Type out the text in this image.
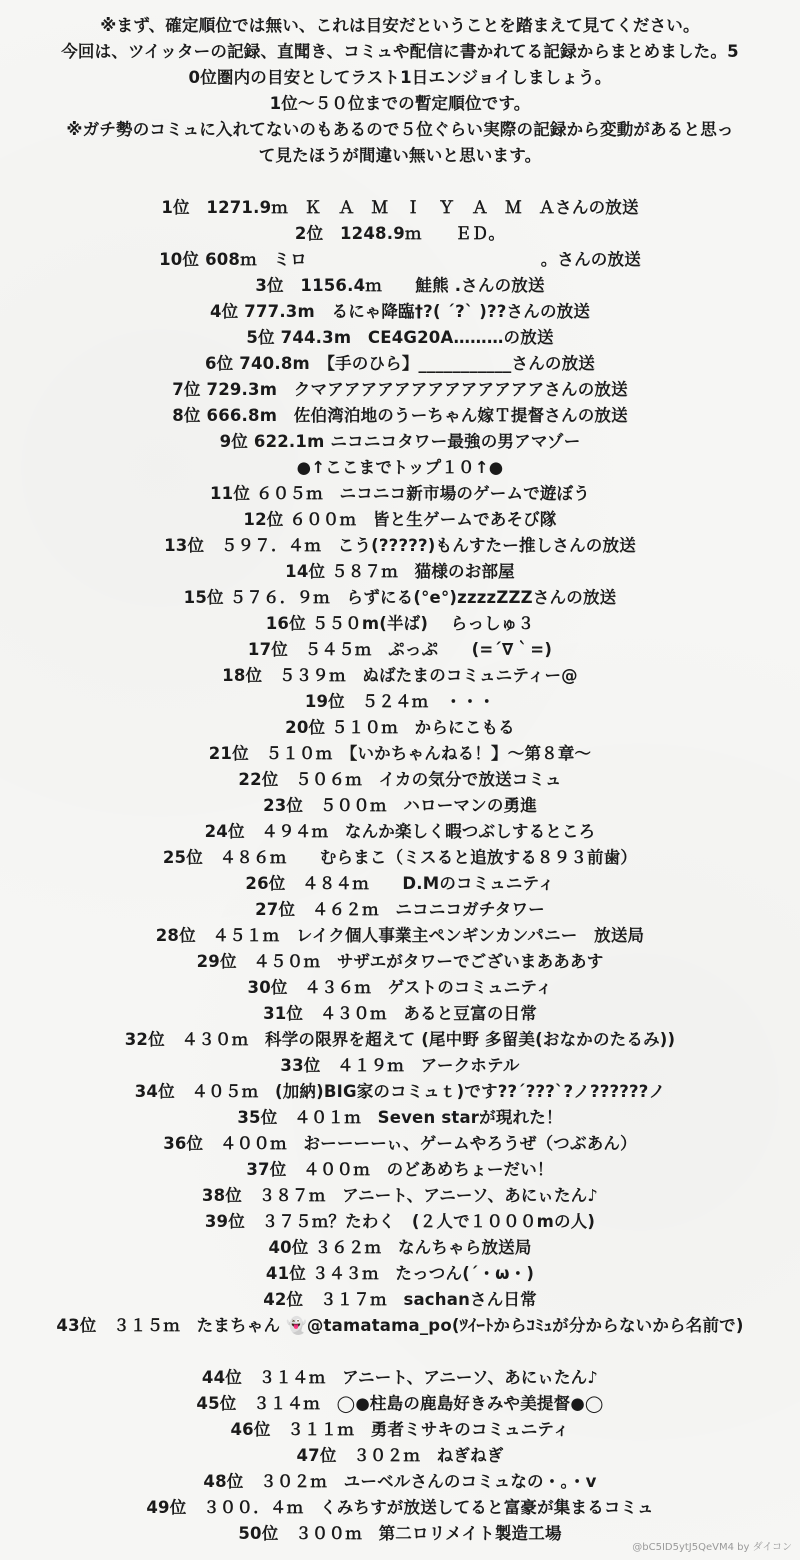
※まず、確定順位では無い、これは目安だということを踏まえて見てください。
今回は、ツイッターの記録、直聞き、コミュや配信に書かれてる記録からまとめました。5
0位圏内の目安としてラスト1日エンジョイしましょう。
1位～５０位までの暫定順位です。
※ガチ勢のコミュに入れてないのもあるので５位ぐらい実際の記録から変動があると思っ
て見たほうが間違い無いと思います。
1位　1271.9ｍ　Ｋ　Ａ　Ｍ　Ｉ　Ｙ　Ａ　Ｍ　Ａさんの放送
2位　1248.9ｍ　　ＥＤ。
10位 608ｍ　ミロ　　　　　　　　　　　　　　。さんの放送
3位　1156.4ｍ　　鮭熊 .さんの放送
4位 777.3m　るにゃ降臨†?( ´?` )??さんの放送
5位 744.3m　CE4G20A………の放送
6位 740.8m　【手のひら】___________さんの放送
7位 729.3m　クマアアアアアアアアアアアアアさんの放送
8位 666.8m　佐伯湾泊地のうーちゃん嫁Ｔ提督さんの放送
9位 622.1m ニコニコタワー最強の男アマゾー
●↑ここまでトップ１０↑●
11位 ６０５ｍ　ニコニコ新市場のゲームで遊ぼう
12位 ６００ｍ　皆と生ゲームであそび隊
13位　５９７．４ｍ　こう(?????)もんすたー推しさんの放送
14位 ５８７ｍ　猫様のお部屋
15位 ５７６．９ｍ　らずにる(°e°)zzzzZZZさんの放送
16位 ５５０m(半ば)　 らっしゅ３
17位　５４５ｍ　ぷっぷ　　(=´∇｀=)
18位　５３９ｍ　ぬばたまのコミュニティー@
19位　５２４ｍ　・・・
20位 ５１０ｍ　からにこもる
21位　５１０ｍ　【いかちゃんねる！】～第８章～
22位　５０６ｍ　イカの気分で放送コミュ
23位　５００ｍ　ハローマンの勇進
24位　４９４ｍ　なんか楽しく暇つぶしするところ
25位　４８６ｍ　　むらまこ（ミスると追放する８９３前歯）
26位　４８４ｍ　　D.Mのコミュニティ
27位　４６２ｍ　ニコニコガチタワー
28位　４５１ｍ　レイク個人事業主ペンギンカンパニー　放送局
29位　４５０ｍ　サザエがタワーでございまあああす
30位　４３６ｍ　ゲストのコミュニティ
31位　４３０ｍ　あると豆富の日常
32位　４３０ｍ　科学の限界を超えて (尾中野 多留美(おなかのたるみ))
33位　４１９ｍ　アークホテル
34位　４０５ｍ　(加納)BIG家のコミュｔ)です??´???`?ノ??????ノ
35位　４０１ｍ　Seven starが現れた！
36位　４００ｍ　おーーーーぃ、ゲームやろうぜ（つぶあん）
37位　４００ｍ　のどあめちょーだい！
38位　３８７ｍ　アニート、アニーソ、あにぃたん♪
39位　３７５ｍ？たわく　(２人で１０００mの人)
40位 ３６２ｍ　なんちゃら放送局
41位 ３４３ｍ　たっつん(´・ω・)
42位　３１７ｍ　sachanさん日常
43位　３１５ｍ　たまちゃん 👻@tamatama_po(ﾂｲｰﾄからｺﾐｭが分からないから名前で)
44位　３１４ｍ　アニート、アニーソ、あにぃたん♪
45位　３１４ｍ　◯●柱島の鹿島好きみや美提督●◯
46位　３１１ｍ　勇者ミサキのコミュニティ
47位　３０２ｍ　ねぎねぎ
48位　３０２ｍ　ユーベルさんのコミュなの・。・v
49位　３００．４ｍ　くみちすが放送してると富豪が集まるコミュ
50位　３００ｍ　第二ロリメイト製造工場
@bC5ID5ytJ5QeVM4 by ダイコン
